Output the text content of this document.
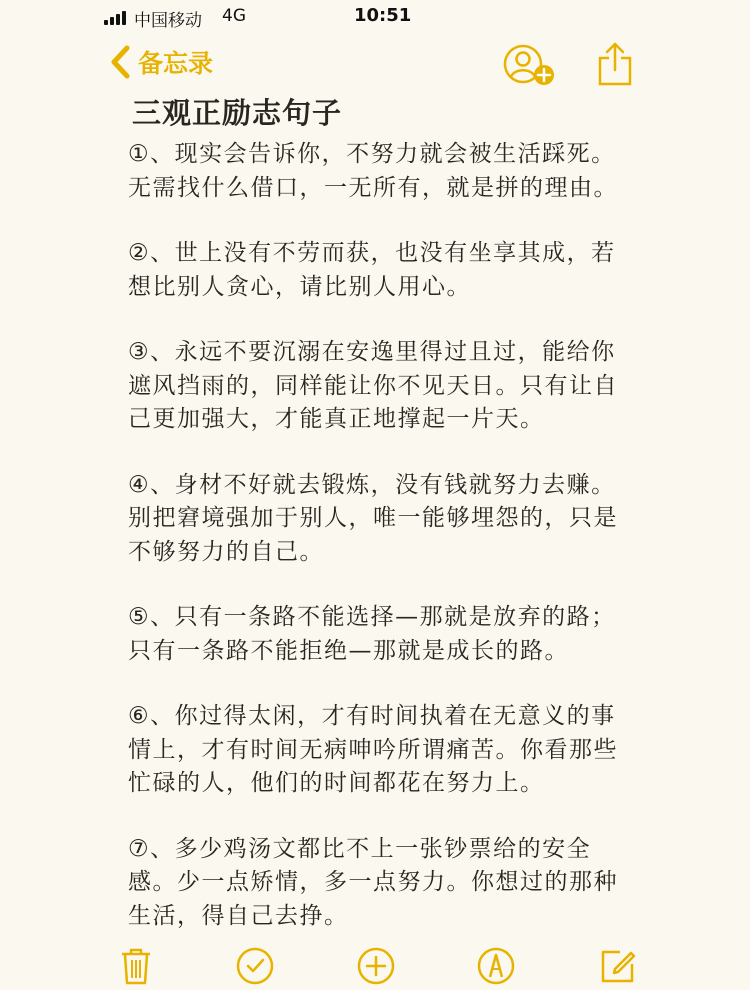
中国移动 4G	10:51
备忘录
三观正励志句子

①、现实会告诉你，不努力就会被生活踩死。无需找什么借口，一无所有，就是拼的理由。

②、世上没有不劳而获，也没有坐享其成，若想比别人贪心，请比别人用心。

③、永远不要沉溺在安逸里得过且过，能给你遮风挡雨的，同样能让你不见天日。只有让自己更加强大，才能真正地撑起一片天。

④、身材不好就去锻炼，没有钱就努力去赚。别把窘境强加于别人，唯一能够埋怨的，只是不够努力的自己。

⑤、只有一条路不能选择—那就是放弃的路；只有一条路不能拒绝—那就是成长的路。

⑥、你过得太闲，才有时间执着在无意义的事情上，才有时间无病呻吟所谓痛苦。你看那些忙碌的人，他们的时间都花在努力上。

⑦、多少鸡汤文都比不上一张钞票给的安全感。少一点矫情，多一点努力。你想过的那种生活，得自己去挣。
